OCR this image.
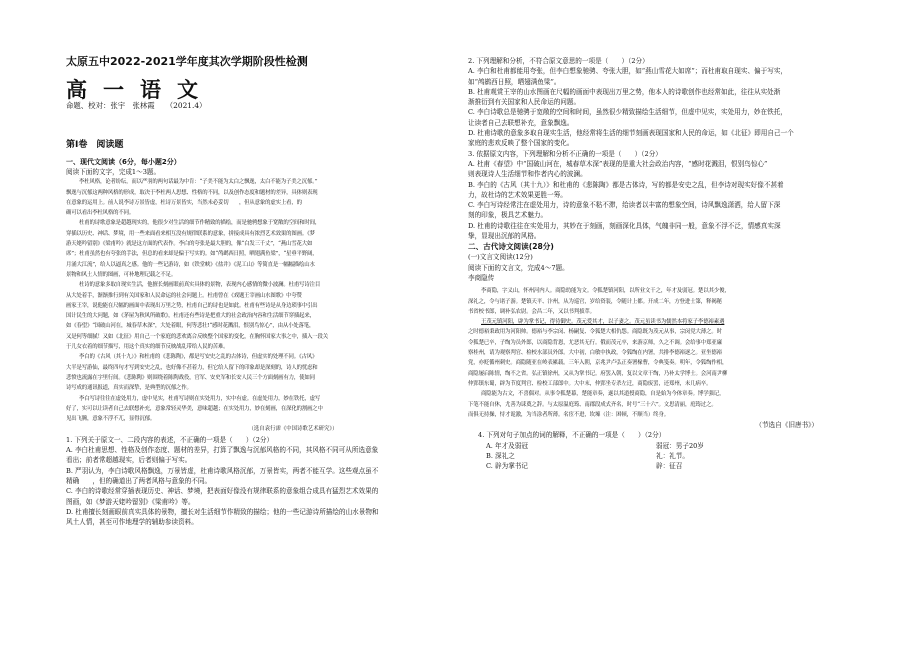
太原五中2022-2021学年度其次学期阶段性检测
高一语文
命题、校对：张宇　张林霞　　（2021.4）

第Ⅰ卷　阅读题

一、现代文阅读（6分，每小题2分）

阅读下面的文字，完成1～3题。

李杜风格，论者纷纭，而以严羽的两句话最为中肯：“子美不能为太白之飘逸，太白不能为子美之沉郁。”

飘逸与沉郁这两种风格的形成，取决于李杜两人思想、性格的不同，以及创作态度和题材的差异，具体则表现

在意象的运用上。前人说李诗万景皆虚，杜诗万景皆实，当然未必妥切　　，但从意象的虚实上看，的

确可以看出李杜风格的不同。

杜甫的诗歌意象是超越现实的，他很少对生活的细节作精致的描绘，而是驰骋想象于宽敞的空间和时间，

穿插以历史、神话、梦境，用一些来面看来相互没有规律联系的意象，拼接成具有浓烈艺术效果的图画。《梦

游天姥吟留别》《梁甫吟》就是这方面的代表作。李白的夸张是最大胆的，像“白发三千丈”，“燕山雪花大如

席”；杜甫虽然也有夸张的手法，但总的看来却是偏于写实的。如“鸬鹚西日照，晒翅满鱼梁”，“星垂平野阔，

月涌大江流”，给人以逼真之感。他的一些记游诗，如《铁堂峡》《盐井》《泥工山》等简直是一幅幅描绘山水

景物和风土人情的图画，可补地理记载之不足。

杜诗的意象多取自现实生活，他擅长刻画眼前真实具体的景物，表现内心感情的微小波澜。杜甫写诗注目

从大处着手，渐渐推行到有关国家和人民命运的社会问题上。杜甫曾在《戏题王宰画山水图歌》中夸赞

画家王宰，说他能在尺幅的画面中表现出万里之势，杜甫自己的诗也是如此。杜甫有些诗是从身边琐事中引出

国计民生的大问题，如《茅屋为秋风所破歌》，杜甫还有些诗是把重大的社会政治内容和生活细节穿插起来，

如《春望》“国破山河在，城春草木深”，大处着眼，何等悲壮!“感时花溅泪，恨别鸟惊心”，由从小处落笔，

又是何等细腻！又如《北征》用自己一个家庭的悲欢离合反映整个国家的变化，在胸怀国家大事之中，插入一段关

于儿女衣着的细节描写，用这个真实的细节反映战乱带给人民的苦难。

李白的《古风（其十九）》和杜甫的《悲陈陶》，都是写安史之乱的古体诗，但虚实的处理不同。《古风》

大半是写游仙，最终四句才写到安史之乱，也好像不甚着力，但它给人留下的印象却是深刻的，诗人的忧虑和

悲愤也流露在字里行间。《悲陈陶》则围绕着陈陶战役，官军、安史军和长安人民三个方面刻画有力，使如同

诗写成的通讯报道，真实而深挚，是典型的沉郁之作。

李白写诗往往在虚处用力，虚中见实，杜甫写诗则在实处用力，实中有虚。在虚处用力，妙在铁托，虚写

好了，实可以让读者自己去联想补充，意象常轻灵华美，意味超越；在实处用力，妙在刻画，在深化的割画之中

见出飞腾，意象不浮不兀，显得沉郁。

（选自袁行霈《中国诗歌艺术研究》）

1. 下列关于原文一、二段内容的表述，不正确的一项是（　　）（2分）

A. 李白杜甫思想、性格及创作态度、题材的差异，打算了飘逸与沉郁风格的不同，其风格不同可从所选意象

看出；前者常超越现实，后者则偏于写实。

B. 严羽认为，李白诗歌风格飘逸，万景皆虚，杜甫诗歌风格沉郁，万景皆实，两者不能互学。这些观点虽不

精确　　，但的确道出了两者风格与意象的不同。

C. 李白的诗歌经常穿插表现历史、神话、梦境，把表面好像没有规律联系的意象组合成具有猛烈艺术效果的

图画，如《梦游天姥吟留别》《梁甫吟》等。

D. 杜甫擅长刻画眼前真实具体的景物，擅长对生活细节作精致的描绘；他的一些记游诗所描绘的山水景物和

风土人情，甚至可作地理学的辅助参读资料。

2. 下列理解和分析，不符合原文意思的一项是（　　）（2分）

A. 李白和杜甫都能用夸张，但李白想象驰骋、夸张大胆，如“燕山雪花大如席”；而杜甫取自现实、偏于写实，

如“鸬鹚西日照，晒翅满鱼梁”。

B. 杜甫观赏王宰的山水图画在尺幅的画面中表现出万里之势，他本人的诗歌创作也经常如此，往往从实处渐

渐推衍到有关国家和人民命运的问题。

C. 李白诗歌总是驰骋于宽敞的空间和时间，虽然很少精致描绘生活细节，但虚中见实，实处用力，妙在铁托，

让读者自己去联想补充，意象飘逸。

D. 杜甫诗歌的意象多取自现实生活，他经常将生活的细节刻画表现国家和人民的命运，如《北征》即用自己一个

家庭的悲欢反映了整个国家的变化。

3. 依据原文内容，下列理解和分析不正确的一项是（　　）（2分）

A. 杜甫《春望》中“国破山河在，城春草木深”表现的是重大社会政治内容，“感时花溅泪，恨别鸟惊心”

则表现诗人生活细节和作者内心的波澜。

B. 李白的《古风（其十九）》和杜甫的《悲陈陶》都是古体诗，写的都是安史之乱，但李诗对现实好像不甚着

力，故杜诗的艺术效果更胜一筹。

C. 李白写诗经常注在虚处用力，诗的意象不粘不滞，给读者以丰富的想象空间，诗风飘逸潇洒，给人留下深

刻的印象，极具艺术魅力。

D. 杜甫的诗歌往往在实处用力，其妙在于刻画，刻画深化具体，气魄非同一般，意象不浮不泛，情感真实深

挚，显现出沉郁的风格。

二、古代诗文阅读(28分)

(一)文言文阅读(12分)

阅读下面的文言文，完成4～7题。

李商隐传

李商隐，字义山，怀州河内人。商隐幼能为文。令狐楚镇河阳，以所业文干之，年才及弱冠。楚以其少俊，

深礼之，令与诸子游。楚镇天平、汴州，从为巡官，岁给资装，令随计上都。开成二年，方登进士第，释褐秘

书省校书郎，调补弘农尉。会昌二年，又以书判拔萃。

王茂元镇河阳，辟为掌书记，得待御史。茂元爱其才，以子妻之。茂元虽读书为儒然本将家子李德裕素遇

之时德裕秉政用为河阳帅。德裕与李宗闵、杨嗣复、令狐楚大相仇怨。商隐既为茂元从事，宗闵党大薄之。时

令狐楚已卒，子绹为员外郎，以商隐背恩，尤恶其无行。俄而茂元卒，来游京师，久之不调。会给事中郑亚廉

察桂州，请为观察判官、检校水部员外郎。大中初，白敏中执政，令狐绹在内署，共排李德裕逐之。亚坐德裕

党，亦贬循州刺史。商隐随亚在岭表累载。三年入朝，京兆尹卢弘正奏署椽曹，令典笺奏。明年，令狐绹作相，

商隐屡启陈情，绹不之省。弘正镇徐州，又从为掌书记。府罢入朝，复以文章干绹，乃补太学博士。会河南尹柳

仲郢镇东蜀，辟为节度判官、检校工部郎中。大中末，仲郢坐专杀左迁，商隐废罢，还郑州，未几病卒。

商隐能为古文，不喜偶对。从事令狐楚幕，楚能章奏，遂以其道授商隐，自是始为今体章奏。博学强记，

下笔不能自休，尤善为诔奠之辞。与太原温庭筠、南郡段成式齐名，时号“三十六”。文思清丽，庭筠过之。

而俱无持操，恃才诡激，为当涂者所薄。名宦不进，坎壈（注：困顿，不顺当）终身。

（节选自《旧唐书》）

4. 下列对句子加点的词的解释，不正确的一项是（　　）（2分）

A. 年才及弱冠	弱冠：男子20岁
B. 深礼之	礼：礼节。
C. 辟为掌书记	辟：征召
